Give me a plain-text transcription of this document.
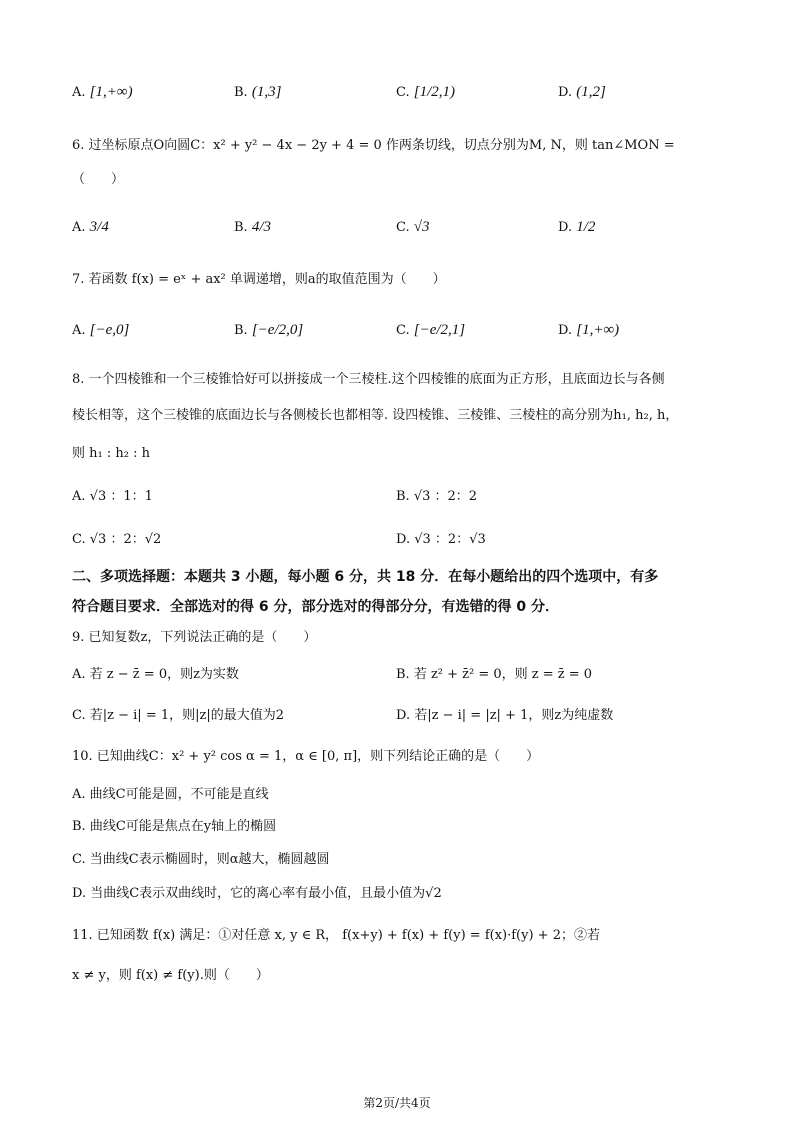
A. [1,+∞)	B. (1,3]	C. [1/2,1)	D. (1,2]
6. 过坐标原点O向圆C：x² + y² − 4x − 2y + 4 = 0 作两条切线，切点分别为M, N，则 tan∠MON =
（　　）
A. 3/4	B. 4/3	C. √3	D. 1/2
7. 若函数 f(x) = eˣ + ax² 单调递增，则a的取值范围为（　　）
A. [−e,0]	B. [−e/2,0]	C. [−e/2,1]	D. [1,+∞)
8. 一个四棱锥和一个三棱锥恰好可以拼接成一个三棱柱.这个四棱锥的底面为正方形，且底面边长与各侧
棱长相等，这个三棱锥的底面边长与各侧棱长也都相等. 设四棱锥、三棱锥、三棱柱的高分别为h₁, h₂, h，
则 h₁ : h₂ : h
A. √3 ：1：1	B. √3 ：2：2
C. √3 ：2：√2	D. √3 ：2：√3
二、多项选择题：本题共 3 小题，每小题 6 分，共 18 分．在每小题给出的四个选项中，有多
符合题目要求．全部选对的得 6 分，部分选对的得部分分，有选错的得 0 分．
9. 已知复数z，下列说法正确的是（　　）
A. 若 z − z̄ = 0，则z为实数	B. 若 z² + z̄² = 0，则 z = z̄ = 0
C. 若|z − i| = 1，则|z|的最大值为2	D. 若|z − i| = |z| + 1，则z为纯虚数
10. 已知曲线C：x² + y² cos α = 1，α ∈ [0, π]，则下列结论正确的是（　　）
A. 曲线C可能是圆，不可能是直线
B. 曲线C可能是焦点在y轴上的椭圆
C. 当曲线C表示椭圆时，则α越大，椭圆越圆
D. 当曲线C表示双曲线时，它的离心率有最小值，且最小值为√2
11. 已知函数 f(x) 满足：①对任意 x, y ∈ R， f(x+y) + f(x) + f(y) = f(x)·f(y) + 2；②若
x ≠ y，则 f(x) ≠ f(y).则（　　）
第2页/共4页
